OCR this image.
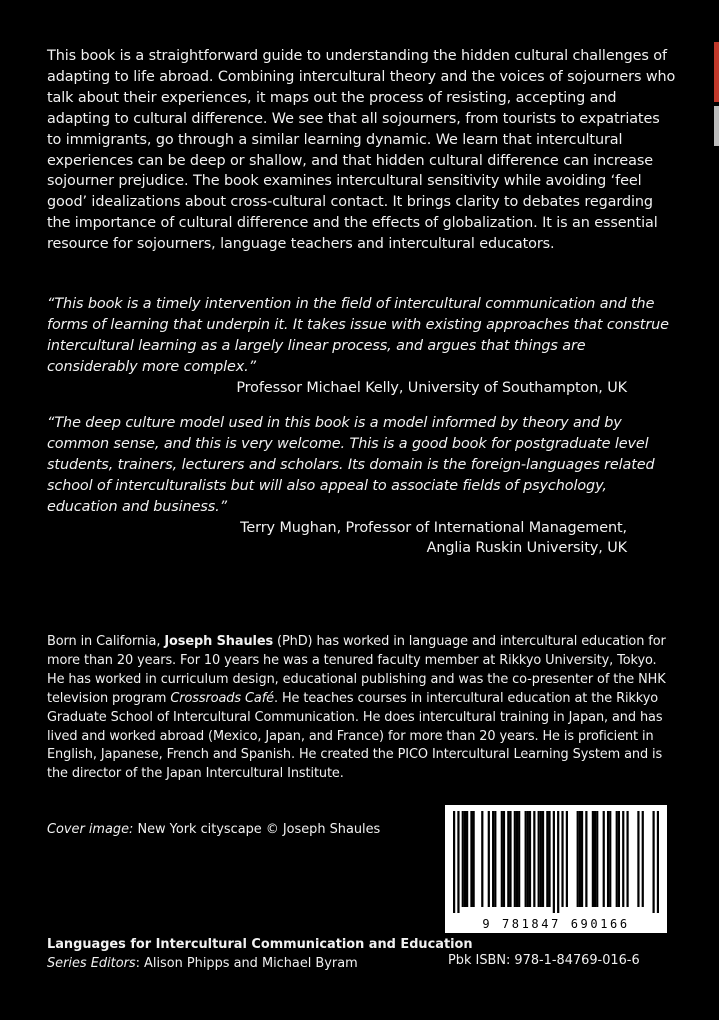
This book is a straightforward guide to understanding the hidden cultural challenges of adapting to life abroad. Combining intercultural theory and the voices of sojourners who talk about their experiences, it maps out the process of resisting, accepting and adapting to cultural difference. We see that all sojourners, from tourists to expatriates to immigrants, go through a similar learning dynamic. We learn that intercultural experiences can be deep or shallow, and that hidden cultural difference can increase sojourner prejudice. The book examines intercultural sensitivity while avoiding ‘feel good’ idealizations about cross-cultural contact. It brings clarity to debates regarding the importance of cultural difference and the effects of globalization. It is an essential resource for sojourners, language teachers and intercultural educators.

“This book is a timely intervention in the field of intercultural communication and the forms of learning that underpin it. It takes issue with existing approaches that construe intercultural learning as a largely linear process, and argues that things are considerably more complex.”

Professor Michael Kelly, University of Southampton, UK

“The deep culture model used in this book is a model informed by theory and by common sense, and this is very welcome. This is a good book for postgraduate level students, trainers, lecturers and scholars. Its domain is the foreign-languages related school of interculturalists but will also appeal to associate fields of psychology, education and business.”

Terry Mughan, Professor of International Management,

Anglia Ruskin University, UK

Born in California, Joseph Shaules (PhD) has worked in language and intercultural education for more than 20 years. For 10 years he was a tenured faculty member at Rikkyo University, Tokyo. He has worked in curriculum design, educational publishing and was the co-presenter of the NHK television program Crossroads Café. He teaches courses in intercultural education at the Rikkyo Graduate School of Intercultural Communication. He does intercultural training in Japan, and has lived and worked abroad (Mexico, Japan, and France) for more than 20 years. He is proficient in English, Japanese, French and Spanish. He created the PICO Intercultural Learning System and is the director of the Japan Intercultural Institute.
Cover image: New York cityscape © Joseph Shaules
9 781847 690166
Languages for Intercultural Communication and Education
Series Editors: Alison Phipps and Michael Byram	Pbk ISBN: 978-1-84769-016-6
